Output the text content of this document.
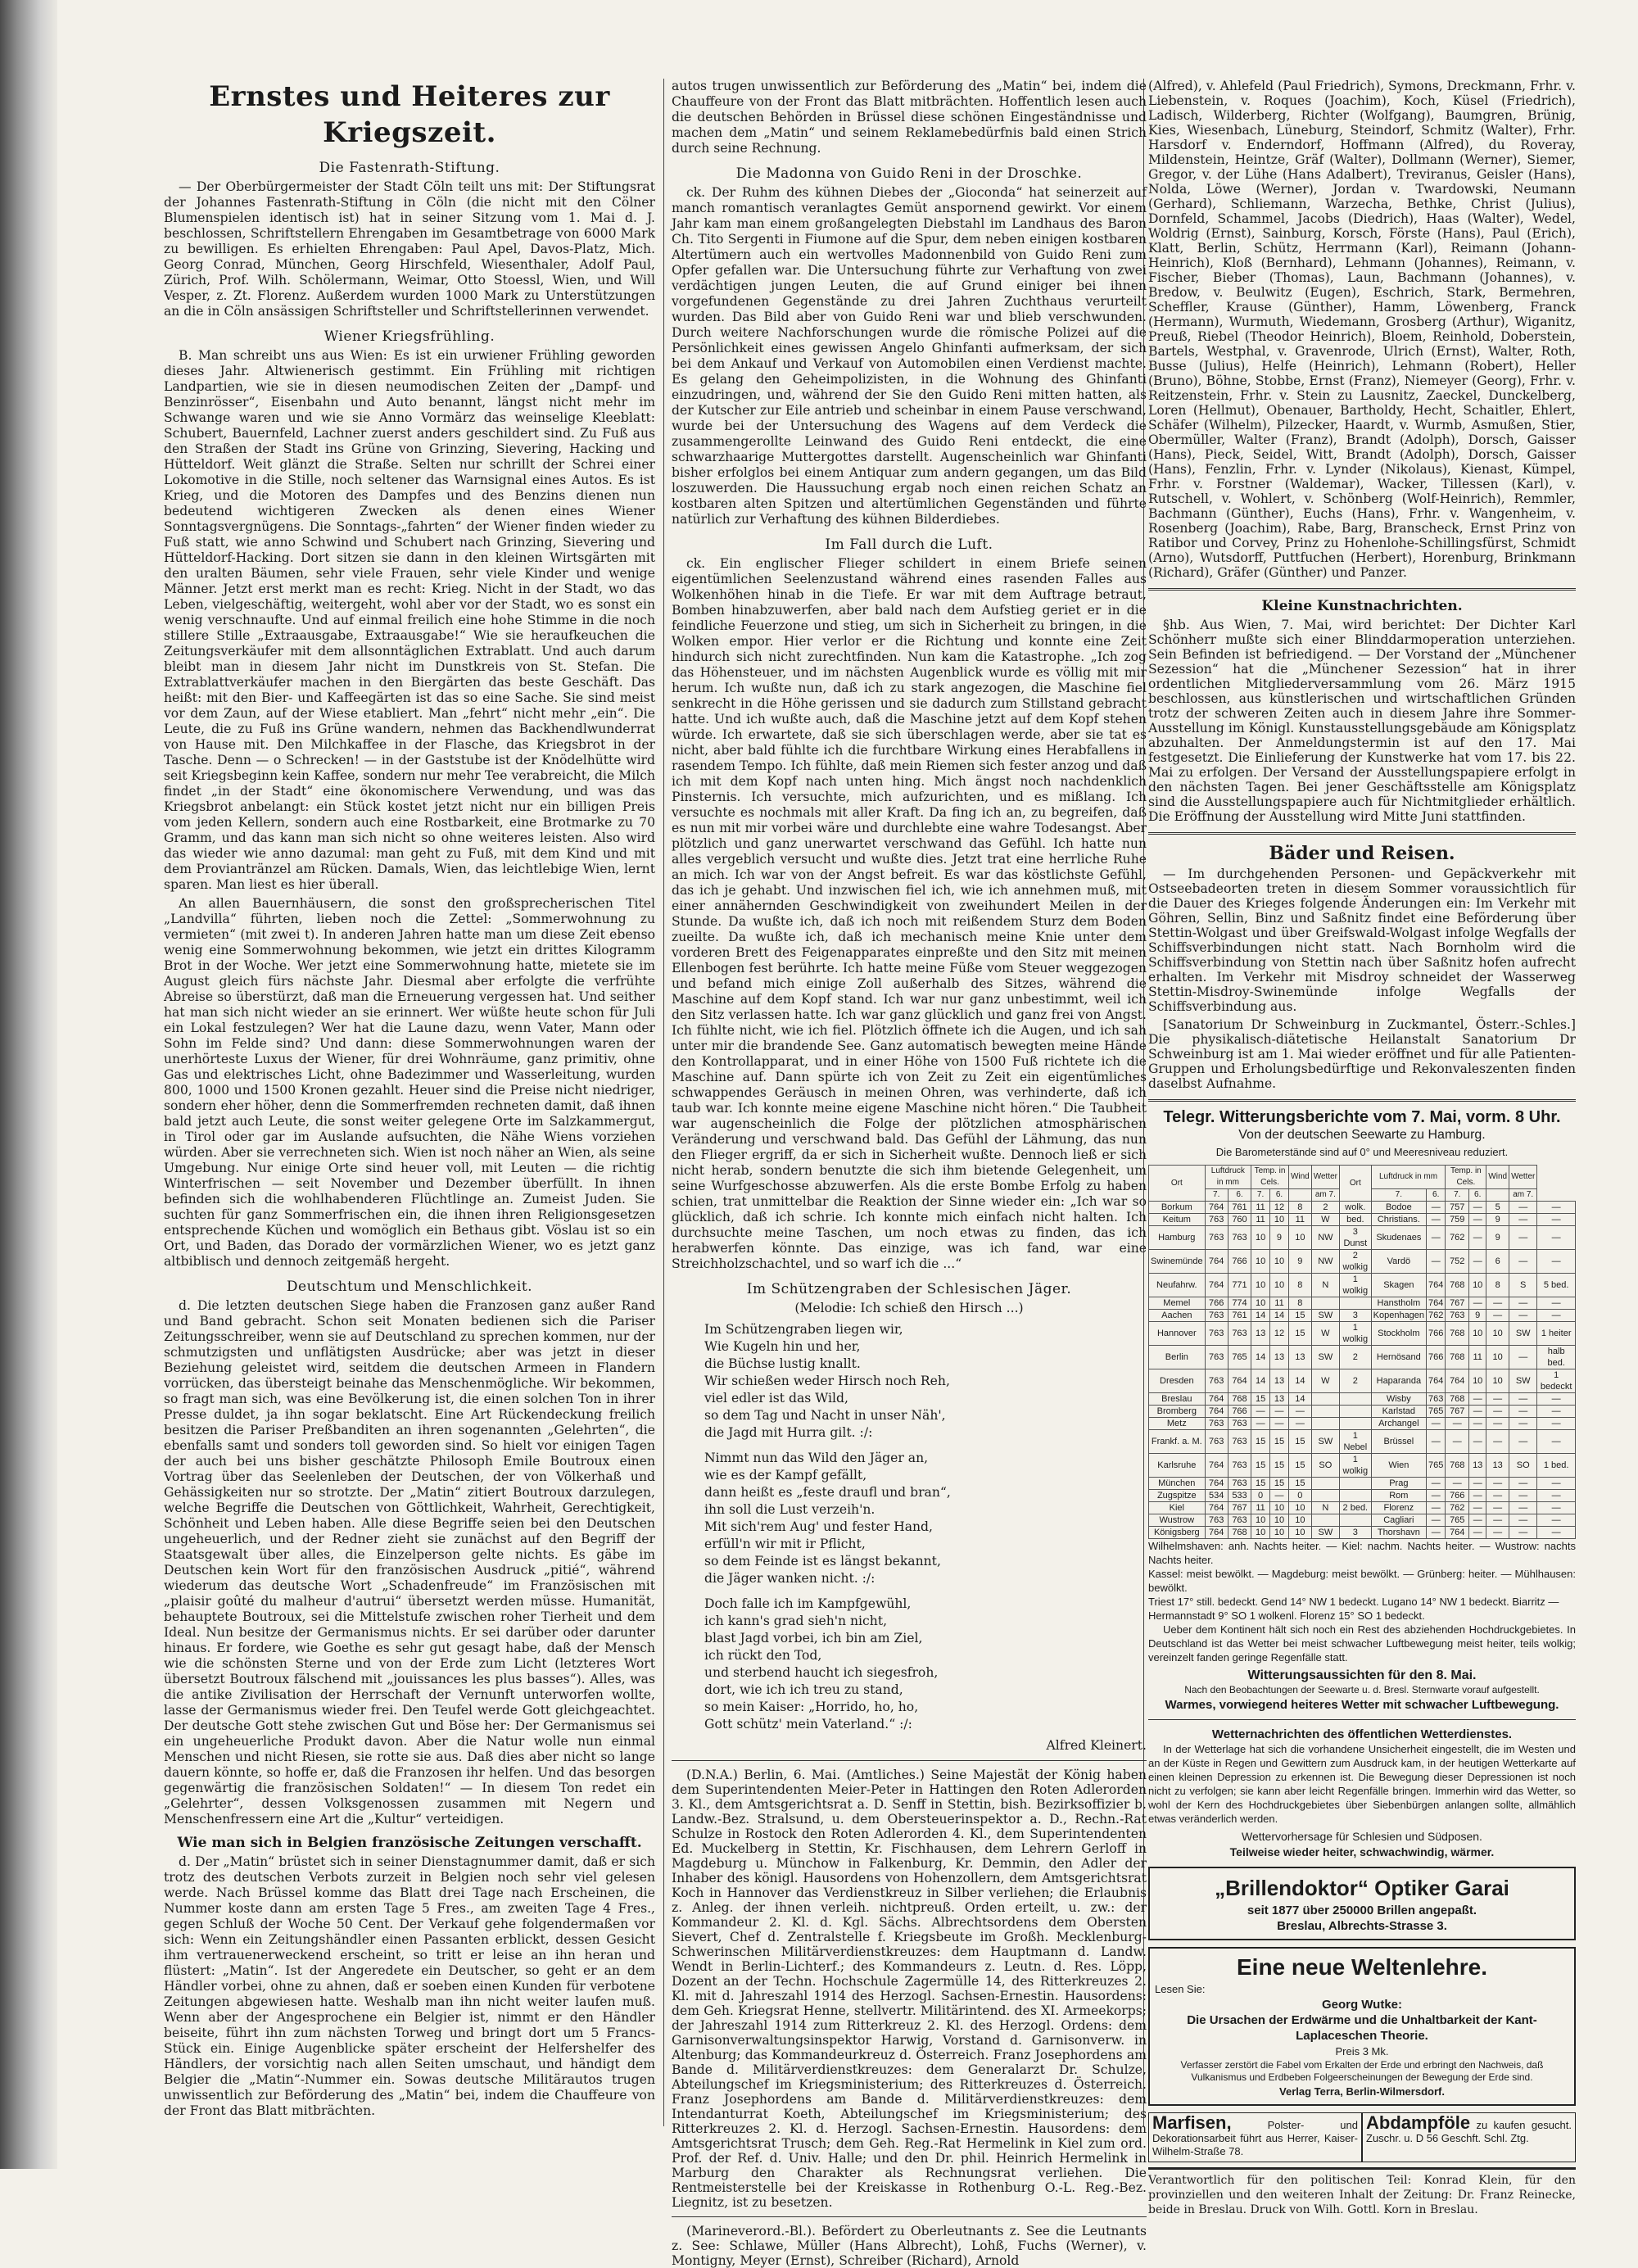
Ernstes und Heiteres zur Kriegszeit.
Die Fastenrath-Stiftung.

— Der Oberbürgermeister der Stadt Cöln teilt uns mit: Der Stiftungsrat der Johannes Fastenrath-Stiftung in Cöln (die nicht mit den Cölner Blumenspielen identisch ist) hat in seiner Sitzung vom 1. Mai d. J. beschlossen, Schriftstellern Ehrengaben im Gesamtbetrage von 6000 Mark zu bewilligen. Es erhielten Ehrengaben: Paul Apel, Davos-Platz, Mich. Georg Conrad, München, Georg Hirschfeld, Wiesenthaler, Adolf Paul, Zürich, Prof. Wilh. Schölermann, Weimar, Otto Stoessl, Wien, und Will Vesper, z. Zt. Florenz. Außerdem wurden 1000 Mark zu Unterstützungen an die in Cöln ansässigen Schriftsteller und Schriftstellerinnen verwendet.

Wiener Kriegsfrühling.

B. Man schreibt uns aus Wien: Es ist ein urwiener Frühling geworden dieses Jahr. Altwienerisch gestimmt. Ein Frühling mit richtigen Landpartien, wie sie in diesen neumodischen Zeiten der „Dampf- und Benzinrösser“, Eisenbahn und Auto benannt, längst nicht mehr im Schwange waren und wie sie Anno Vormärz das weinselige Kleeblatt: Schubert, Bauernfeld, Lachner zuerst anders geschildert sind. Zu Fuß aus den Straßen der Stadt ins Grüne von Grinzing, Sievering, Hacking und Hütteldorf. Weit glänzt die Straße. Selten nur schrillt der Schrei einer Lokomotive in die Stille, noch seltener das Warnsignal eines Autos. Es ist Krieg, und die Motoren des Dampfes und des Benzins dienen nun bedeutend wichtigeren Zwecken als denen eines Wiener Sonntagsvergnügens. Die Sonntags-„fahrten“ der Wiener finden wieder zu Fuß statt, wie anno Schwind und Schubert nach Grinzing, Sievering und Hütteldorf-Hacking. Dort sitzen sie dann in den kleinen Wirtsgärten mit den uralten Bäumen, sehr viele Frauen, sehr viele Kinder und wenige Männer. Jetzt erst merkt man es recht: Krieg. Nicht in der Stadt, wo das Leben, vielgeschäftig, weitergeht, wohl aber vor der Stadt, wo es sonst ein wenig verschnaufte. Und auf einmal freilich eine hohe Stimme in die noch stillere Stille „Extraausgabe, Extraausgabe!“ Wie sie heraufkeuchen die Zeitungsverkäufer mit dem allsonntäglichen Extrablatt. Und auch darum bleibt man in diesem Jahr nicht im Dunstkreis von St. Stefan. Die Extrablattverkäufer machen in den Biergärten das beste Geschäft. Das heißt: mit den Bier- und Kaffeegärten ist das so eine Sache. Sie sind meist vor dem Zaun, auf der Wiese etabliert. Man „fehrt“ nicht mehr „ein“. Die Leute, die zu Fuß ins Grüne wandern, nehmen das Backhendlwunderrat von Hause mit. Den Milchkaffee in der Flasche, das Kriegsbrot in der Tasche. Denn — o Schrecken! — in der Gaststube ist der Knödelhütte wird seit Kriegsbeginn kein Kaffee, sondern nur mehr Tee verabreicht, die Milch findet „in der Stadt“ eine ökonomischere Verwendung, und was das Kriegsbrot anbelangt: ein Stück kostet jetzt nicht nur ein billigen Preis vom jeden Kellern, sondern auch eine Rostbarkeit, eine Brotmarke zu 70 Gramm, und das kann man sich nicht so ohne weiteres leisten. Also wird das wieder wie anno dazumal: man geht zu Fuß, mit dem Kind und mit dem Proviantränzel am Rücken. Damals, Wien, das leichtlebige Wien, lernt sparen. Man liest es hier überall.

An allen Bauernhäusern, die sonst den großsprecherischen Titel „Landvilla“ führten, lieben noch die Zettel: „Sommerwohnung zu vermieten“ (mit zwei t). In anderen Jahren hatte man um diese Zeit ebenso wenig eine Sommerwohnung bekommen, wie jetzt ein drittes Kilogramm Brot in der Woche. Wer jetzt eine Sommerwohnung hatte, mietete sie im August gleich fürs nächste Jahr. Diesmal aber erfolgte die verfrühte Abreise so überstürzt, daß man die Erneuerung vergessen hat. Und seither hat man sich nicht wieder an sie erinnert. Wer wüßte heute schon für Juli ein Lokal festzulegen? Wer hat die Laune dazu, wenn Vater, Mann oder Sohn im Felde sind? Und dann: diese Sommerwohnungen waren der unerhörteste Luxus der Wiener, für drei Wohnräume, ganz primitiv, ohne Gas und elektrisches Licht, ohne Badezimmer und Wasserleitung, wurden 800, 1000 und 1500 Kronen gezahlt. Heuer sind die Preise nicht niedriger, sondern eher höher, denn die Sommerfremden rechneten damit, daß ihnen bald jetzt auch Leute, die sonst weiter gelegene Orte im Salzkammergut, in Tirol oder gar im Auslande aufsuchten, die Nähe Wiens vorziehen würden. Aber sie verrechneten sich. Wien ist noch näher an Wien, als seine Umgebung. Nur einige Orte sind heuer voll, mit Leuten — die richtig Winterfrischen — seit November und Dezember überfüllt. In ihnen befinden sich die wohlhabenderen Flüchtlinge an. Zumeist Juden. Sie suchten für ganz Sommerfrischen ein, die ihnen ihren Religionsgesetzen entsprechende Küchen und womöglich ein Bethaus gibt. Vöslau ist so ein Ort, und Baden, das Dorado der vormärzlichen Wiener, wo es jetzt ganz altbiblisch und dennoch zeitgemäß hergeht.

Deutschtum und Menschlichkeit.

d. Die letzten deutschen Siege haben die Franzosen ganz außer Rand und Band gebracht. Schon seit Monaten bedienen sich die Pariser Zeitungsschreiber, wenn sie auf Deutschland zu sprechen kommen, nur der schmutzigsten und unflätigsten Ausdrücke; aber was jetzt in dieser Beziehung geleistet wird, seitdem die deutschen Armeen in Flandern vorrücken, das übersteigt beinahe das Menschenmögliche. Wir bekommen, so fragt man sich, was eine Bevölkerung ist, die einen solchen Ton in ihrer Presse duldet, ja ihn sogar beklatscht. Eine Art Rückendeckung freilich besitzen die Pariser Preßbanditen an ihren sogenannten „Gelehrten“, die ebenfalls samt und sonders toll geworden sind. So hielt vor einigen Tagen der auch bei uns bisher geschätzte Philosoph Emile Boutroux einen Vortrag über das Seelenleben der Deutschen, der von Völkerhaß und Gehässigkeiten nur so strotzte. Der „Matin“ zitiert Boutroux darzulegen, welche Begriffe die Deutschen von Göttlichkeit, Wahrheit, Gerechtigkeit, Schönheit und Leben haben. Alle diese Begriffe seien bei den Deutschen ungeheuerlich, und der Redner zieht sie zunächst auf den Begriff der Staatsgewalt über alles, die Einzelperson gelte nichts. Es gäbe im Deutschen kein Wort für den französischen Ausdruck „pitié“, während wiederum das deutsche Wort „Schadenfreude“ im Französischen mit „plaisir goûté du malheur d'autrui“ übersetzt werden müsse. Humanität, behauptete Boutroux, sei die Mittelstufe zwischen roher Tierheit und dem Ideal. Nun besitze der Germanismus nichts. Er sei darüber oder darunter hinaus. Er fordere, wie Goethe es sehr gut gesagt habe, daß der Mensch wie die schönsten Sterne und von der Erde zum Licht (letzteres Wort übersetzt Boutroux fälschend mit „jouissances les plus basses“). Alles, was die antike Zivilisation der Herrschaft der Vernunft unterworfen wollte, lasse der Germanismus wieder frei. Den Teufel werde Gott gleichgeachtet. Der deutsche Gott stehe zwischen Gut und Böse her: Der Germanismus sei ein ungeheuerliche Produkt davon. Aber die Natur wolle nun einmal Menschen und nicht Riesen, sie rotte sie aus. Daß dies aber nicht so lange dauern könnte, so hoffe er, daß die Franzosen ihr helfen. Und das besorgen gegenwärtig die französischen Soldaten!“ — In diesem Ton redet ein „Gelehrter“, dessen Volksgenossen zusammen mit Negern und Menschenfressern eine Art die „Kultur“ verteidigen.

Wie man sich in Belgien französische Zeitungen verschafft.

d. Der „Matin“ brüstet sich in seiner Dienstagnummer damit, daß er sich trotz des deutschen Verbots zurzeit in Belgien noch sehr viel gelesen werde. Nach Brüssel komme das Blatt drei Tage nach Erscheinen, die Nummer koste dann am ersten Tage 5 Fres., am zweiten Tage 4 Fres., gegen Schluß der Woche 50 Cent. Der Verkauf gehe folgendermaßen vor sich: Wenn ein Zeitungshändler einen Passanten erblickt, dessen Gesicht ihm vertrauenerweckend erscheint, so tritt er leise an ihn heran und flüstert: „Matin“. Ist der Angeredete ein Deutscher, so geht er an dem Händler vorbei, ohne zu ahnen, daß er soeben einen Kunden für verbotene Zeitungen abgewiesen hatte. Weshalb man ihn nicht weiter laufen muß. Wenn aber der Angesprochene ein Belgier ist, nimmt er den Händler beiseite, führt ihn zum nächsten Torweg und bringt dort um 5 Francs-Stück ein. Einige Augenblicke später erscheint der Helfershelfer des Händlers, der vorsichtig nach allen Seiten umschaut, und händigt dem Belgier die „Matin“-Nummer ein. Sowas deutsche Militärautos trugen unwissentlich zur Beförderung des „Matin“ bei, indem die Chauffeure von der Front das Blatt mitbrächten.

autos trugen unwissentlich zur Beförderung des „Matin“ bei, indem die Chauffeure von der Front das Blatt mitbrächten. Hoffentlich lesen auch die deutschen Behörden in Brüssel diese schönen Eingeständnisse und machen dem „Matin“ und seinem Reklamebedürfnis bald einen Strich durch seine Rechnung.

Die Madonna von Guido Reni in der Droschke.

ck. Der Ruhm des kühnen Diebes der „Gioconda“ hat seinerzeit auf manch romantisch veranlagtes Gemüt anspornend gewirkt. Vor einem Jahr kam man einem großangelegten Diebstahl im Landhaus des Baron Ch. Tito Sergenti in Fiumone auf die Spur, dem neben einigen kostbaren Altertümern auch ein wertvolles Madonnenbild von Guido Reni zum Opfer gefallen war. Die Untersuchung führte zur Verhaftung von zwei verdächtigen jungen Leuten, die auf Grund einiger bei ihnen vorgefundenen Gegenstände zu drei Jahren Zuchthaus verurteilt wurden. Das Bild aber von Guido Reni war und blieb verschwunden. Durch weitere Nachforschungen wurde die römische Polizei auf die Persönlichkeit eines gewissen Angelo Ghinfanti aufmerksam, der sich bei dem Ankauf und Verkauf von Automobilen einen Verdienst machte. Es gelang den Geheimpolizisten, in die Wohnung des Ghinfanti einzudringen, und, während der Sie den Guido Reni mitten hatten, als der Kutscher zur Eile antrieb und scheinbar in einem Pause verschwand, wurde bei der Untersuchung des Wagens auf dem Verdeck die zusammengerollte Leinwand des Guido Reni entdeckt, die eine schwarzhaarige Muttergottes darstellt. Augenscheinlich war Ghinfanti bisher erfolglos bei einem Antiquar zum andern gegangen, um das Bild loszuwerden. Die Haussuchung ergab noch einen reichen Schatz an kostbaren alten Spitzen und altertümlichen Gegenständen und führte natürlich zur Verhaftung des kühnen Bilderdiebes.

Im Fall durch die Luft.

ck. Ein englischer Flieger schildert in einem Briefe seinen eigentümlichen Seelenzustand während eines rasenden Falles aus Wolkenhöhen hinab in die Tiefe. Er war mit dem Auftrage betraut, Bomben hinabzuwerfen, aber bald nach dem Aufstieg geriet er in die feindliche Feuerzone und stieg, um sich in Sicherheit zu bringen, in die Wolken empor. Hier verlor er die Richtung und konnte eine Zeit hindurch sich nicht zurechtfinden. Nun kam die Katastrophe. „Ich zog das Höhensteuer, und im nächsten Augenblick wurde es völlig mit mir herum. Ich wußte nun, daß ich zu stark angezogen, die Maschine fiel senkrecht in die Höhe gerissen und sie dadurch zum Stillstand gebracht hatte. Und ich wußte auch, daß die Maschine jetzt auf dem Kopf stehen würde. Ich erwartete, daß sie sich überschlagen werde, aber sie tat es nicht, aber bald fühlte ich die furchtbare Wirkung eines Herabfallens in rasendem Tempo. Ich fühlte, daß mein Riemen sich fester anzog und daß ich mit dem Kopf nach unten hing. Mich ängst noch nachdenklich Pinsternis. Ich versuchte, mich aufzurichten, und es mißlang. Ich versuchte es nochmals mit aller Kraft. Da fing ich an, zu begreifen, daß es nun mit mir vorbei wäre und durchlebte eine wahre Todesangst. Aber plötzlich und ganz unerwartet verschwand das Gefühl. Ich hatte nun alles vergeblich versucht und wußte dies. Jetzt trat eine herrliche Ruhe an mich. Ich war von der Angst befreit. Es war das köstlichste Gefühl, das ich je gehabt. Und inzwischen fiel ich, wie ich annehmen muß, mit einer annähernden Geschwindigkeit von zweihundert Meilen in der Stunde. Da wußte ich, daß ich noch mit reißendem Sturz dem Boden zueilte. Da wußte ich, daß ich mechanisch meine Knie unter dem vorderen Brett des Feigenapparates einpreßte und den Sitz mit meinen Ellenbogen fest berührte. Ich hatte meine Füße vom Steuer weggezogen und befand mich einige Zoll außerhalb des Sitzes, während die Maschine auf dem Kopf stand. Ich war nur ganz unbestimmt, weil ich den Sitz verlassen hatte. Ich war ganz glücklich und ganz frei von Angst. Ich fühlte nicht, wie ich fiel. Plötzlich öffnete ich die Augen, und ich sah unter mir die brandende See. Ganz automatisch bewegten meine Hände den Kontrollapparat, und in einer Höhe von 1500 Fuß richtete ich die Maschine auf. Dann spürte ich von Zeit zu Zeit ein eigentümliches schwappendes Geräusch in meinen Ohren, was verhinderte, daß ich taub war. Ich konnte meine eigene Maschine nicht hören.“ Die Taubheit war augenscheinlich die Folge der plötzlichen atmosphärischen Veränderung und verschwand bald. Das Gefühl der Lähmung, das nun den Flieger ergriff, da er sich in Sicherheit wußte. Dennoch ließ er sich nicht herab, sondern benutzte die sich ihm bietende Gelegenheit, um seine Wurfgeschosse abzuwerfen. Als die erste Bombe Erfolg zu haben schien, trat unmittelbar die Reaktion der Sinne wieder ein: „Ich war so glücklich, daß ich schrie. Ich konnte mich einfach nicht halten. Ich durchsuchte meine Taschen, um noch etwas zu finden, das ich herabwerfen könnte. Das einzige, was ich fand, war eine Streichholzschachtel, und so warf ich die ...“

Im Schützengraben der Schlesischen Jäger.
(Melodie: Ich schieß den Hirsch ...)
Im Schützengraben liegen wir,
Wie Kugeln hin und her,
die Büchse lustig knallt.
Wir schießen weder Hirsch noch Reh,
viel edler ist das Wild,
so dem Tag und Nacht in unser Näh',
die Jagd mit Hurra gilt. :/:
Nimmt nun das Wild den Jäger an,
wie es der Kampf gefällt,
dann heißt es „feste draufl und bran“,
ihn soll die Lust verzeih'n.
Mit sich'rem Aug' und fester Hand,
erfüll'n wir mit ir Pflicht,
so dem Feinde ist es längst bekannt,
die Jäger wanken nicht. :/:
Doch falle ich im Kampfgewühl,
ich kann's grad sieh'n nicht,
blast Jagd vorbei, ich bin am Ziel,
ich rückt den Tod,
und sterbend haucht ich siegesfroh,
dort, wie ich ich treu zu stand,
so mein Kaiser: „Horrido, ho, ho,
Gott schütz' mein Vaterland.“ :/:
Alfred Kleinert.

(D.N.A.) Berlin, 6. Mai. (Amtliches.) Seine Majestät der König haben dem Superintendenten Meier-Peter in Hattingen den Roten Adlerorden 3. Kl., dem Amtsgerichtsrat a. D. Senff in Stettin, bish. Bezirksoffizier b. Landw.-Bez. Stralsund, u. dem Obersteuerinspektor a. D., Rechn.-Rat Schulze in Rostock den Roten Adlerorden 4. Kl., dem Superintendenten Ed. Muckelberg in Stettin, Kr. Fischhausen, dem Lehrern Gerloff in Magdeburg u. Münchow in Falkenburg, Kr. Demmin, den Adler der Inhaber des königl. Hausordens von Hohenzollern, dem Amtsgerichtsrat Koch in Hannover das Verdienstkreuz in Silber verliehen; die Erlaubnis z. Anleg. der ihnen verleih. nichtpreuß. Orden erteilt, u. zw.: der Kommandeur 2. Kl. d. Kgl. Sächs. Albrechtsordens dem Obersten Sievert, Chef d. Zentralstelle f. Kriegsbeute im Großh. Mecklenburg-Schwerinschen Militärverdienstkreuzes: dem Hauptmann d. Landw. Wendt in Berlin-Lichterf.; des Kommandeurs z. Leutn. d. Res. Löpp, Dozent an der Techn. Hochschule Zagermülle 14, des Ritterkreuzes 2. Kl. mit d. Jahreszahl 1914 des Herzogl. Sachsen-Ernestin. Hausordens: dem Geh. Kriegsrat Henne, stellvertr. Militärintend. des XI. Armeekorps; der Jahreszahl 1914 zum Ritterkreuz 2. Kl. des Herzogl. Ordens: dem Garnisonverwaltungsinspektor Harwig, Vorstand d. Garnisonverw. in Altenburg; das Kommandeurkreuz d. Österreich. Franz Josephordens am Bande d. Militärverdienstkreuzes: dem Generalarzt Dr. Schulze, Abteilungschef im Kriegsministerium; des Ritterkreuzes d. Österreich. Franz Josephordens am Bande d. Militärverdienstkreuzes: dem Intendanturrat Koeth, Abteilungschef im Kriegsministerium; des Ritterkreuzes 2. Kl. d. Herzogl. Sachsen-Ernestin. Hausordens: dem Amtsgerichtsrat Trusch; dem Geh. Reg.-Rat Hermelink in Kiel zum ord. Prof. der Ref. d. Univ. Halle; und den Dr. phil. Heinrich Hermelink in Marburg den Charakter als Rechnungsrat verliehen. Die Rentmeisterstelle bei der Kreiskasse in Rothenburg O.-L. Reg.-Bez. Liegnitz, ist zu besetzen.

(Marineverord.-Bl.). Befördert zu Oberleutnants z. See die Leutnants z. See: Schlawe, Müller (Hans Albrecht), Lohß, Fuchs (Werner), v. Montigny, Meyer (Ernst), Schreiber (Richard), Arnold

(Alfred), v. Ahlefeld (Paul Friedrich), Symons, Dreckmann, Frhr. v. Liebenstein, v. Roques (Joachim), Koch, Küsel (Friedrich), Ladisch, Wilderberg, Richter (Wolfgang), Baumgren, Brünig, Kies, Wiesenbach, Lüneburg, Steindorf, Schmitz (Walter), Frhr. Harsdorf v. Enderndorf, Hoffmann (Alfred), du Roveray, Mildenstein, Heintze, Gräf (Walter), Dollmann (Werner), Siemer, Gregor, v. der Lühe (Hans Adalbert), Treviranus, Geisler (Hans), Nolda, Löwe (Werner), Jordan v. Twardowski, Neumann (Gerhard), Schliemann, Warzecha, Bethke, Christ (Julius), Dornfeld, Schammel, Jacobs (Diedrich), Haas (Walter), Wedel, Woldrig (Ernst), Sainburg, Korsch, Förste (Hans), Paul (Erich), Klatt, Berlin, Schütz, Herrmann (Karl), Reimann (Johann-Heinrich), Kloß (Bernhard), Lehmann (Johannes), Reimann, v. Fischer, Bieber (Thomas), Laun, Bachmann (Johannes), v. Bredow, v. Beulwitz (Eugen), Eschrich, Stark, Bermehren, Scheffler, Krause (Günther), Hamm, Löwenberg, Franck (Hermann), Wurmuth, Wiedemann, Grosberg (Arthur), Wiganitz, Preuß, Riebel (Theodor Heinrich), Bloem, Reinhold, Doberstein, Bartels, Westphal, v. Gravenrode, Ulrich (Ernst), Walter, Roth, Busse (Julius), Helfe (Heinrich), Lehmann (Robert), Heller (Bruno), Böhne, Stobbe, Ernst (Franz), Niemeyer (Georg), Frhr. v. Reitzenstein, Frhr. v. Stein zu Lausnitz, Zaeckel, Dunckelberg, Loren (Hellmut), Obenauer, Bartholdy, Hecht, Schaitler, Ehlert, Schäfer (Wilhelm), Pilzecker, Haardt, v. Wurmb, Asmußen, Stier, Obermüller, Walter (Franz), Brandt (Adolph), Dorsch, Gaisser (Hans), Pieck, Seidel, Witt, Brandt (Adolph), Dorsch, Gaisser (Hans), Fenzlin, Frhr. v. Lynder (Nikolaus), Kienast, Kümpel, Frhr. v. Forstner (Waldemar), Wacker, Tillessen (Karl), v. Rutschell, v. Wohlert, v. Schönberg (Wolf-Heinrich), Remmler, Bachmann (Günther), Euchs (Hans), Frhr. v. Wangenheim, v. Rosenberg (Joachim), Rabe, Barg, Branscheck, Ernst Prinz von Ratibor und Corvey, Prinz zu Hohenlohe-Schillingsfürst, Schmidt (Arno), Wutsdorff, Puttfuchen (Herbert), Horenburg, Brinkmann (Richard), Gräfer (Günther) und Panzer.

Kleine Kunstnachrichten.

§hb. Aus Wien, 7. Mai, wird berichtet: Der Dichter Karl Schönherr mußte sich einer Blinddarmoperation unterziehen. Sein Befinden ist befriedigend. — Der Vorstand der „Münchener Sezession“ hat die „Münchener Sezession“ hat in ihrer ordentlichen Mitgliederversammlung vom 26. März 1915 beschlossen, aus künstlerischen und wirtschaftlichen Gründen trotz der schweren Zeiten auch in diesem Jahre ihre Sommer-Ausstellung im Königl. Kunstausstellungsgebäude am Königsplatz abzuhalten. Der Anmeldungstermin ist auf den 17. Mai festgesetzt. Die Einlieferung der Kunstwerke hat vom 17. bis 22. Mai zu erfolgen. Der Versand der Ausstellungspapiere erfolgt in den nächsten Tagen. Bei jener Geschäftsstelle am Königsplatz sind die Ausstellungspapiere auch für Nichtmitglieder erhältlich. Die Eröffnung der Ausstellung wird Mitte Juni stattfinden.

Bäder und Reisen.

— Im durchgehenden Personen- und Gepäckverkehr mit Ostseebadeorten treten in diesem Sommer voraussichtlich für die Dauer des Krieges folgende Änderungen ein: Im Verkehr mit Göhren, Sellin, Binz und Saßnitz findet eine Beförderung über Stettin-Wolgast und über Greifswald-Wolgast infolge Wegfalls der Schiffsverbindungen nicht statt. Nach Bornholm wird die Schiffsverbindung von Stettin nach über Saßnitz hofen aufrecht erhalten. Im Verkehr mit Misdroy schneidet der Wasserweg Stettin-Misdroy-Swinemünde infolge Wegfalls der Schiffsverbindung aus.

[Sanatorium Dr Schweinburg in Zuckmantel, Österr.-Schles.] Die physikalisch-diätetische Heilanstalt Sanatorium Dr Schweinburg ist am 1. Mai wieder eröffnet und für alle Patienten-Gruppen und Erholungsbedürftige und Rekonvaleszenten finden daselbst Aufnahme.

Telegr. Witterungsberichte vom 7. Mai, vorm. 8 Uhr.
Von der deutschen Seewarte zu Hamburg.
Die Barometerstände sind auf 0° und Meeresniveau reduziert.
Ort	Luftdruck in mm		Temp. in Cels.		Wind	Wetter	Ort	Luftdruck in mm		Temp. in Cels.		Wind	Wetter	
	7.	6.	7.	6.		am 7.		7.	6.	7.	6.		am 7.	
Borkum	764	761	11	12	8	2	wolk.	Bodoe	—	757	—	5	—	—
Keitum	763	760	11	10	11	W	bed.	Christians.	—	759	—	9	—	—
Hamburg	763	763	10	9	10	NW	3 Dunst	Skudenaes	—	762	—	9	—	—
Swinemünde	764	766	10	10	9	NW	2 wolkig	Vardö	—	752	—	6	—	—
Neufahrw.	764	771	10	10	8	N	1 wolkig	Skagen	764	768	10	8	S	5 bed.
Memel	766	774	10	11	8			Hanstholm	764	767	—	—	—	—
Aachen	763	761	14	14	15	SW	3	Kopenhagen	762	763	9	—	—	—
Hannover	763	763	13	12	15	W	1 wolkig	Stockholm	766	768	10	10	SW	1 heiter
Berlin	763	765	14	13	13	SW	2	Hernösand	766	768	11	10	—	halb bed.
Dresden	763	764	14	13	14	W	2	Haparanda	764	764	10	10	SW	1 bedeckt
Breslau	764	768	15	13	14			Wisby	763	768	—	—	—	—
Bromberg	764	766	—	—	—			Karlstad	765	767	—	—	—	—
Metz	763	763	—	—	—			Archangel	—	—	—	—	—	—
Frankf. a. M.	763	763	15	15	15	SW	1 Nebel	Brüssel	—	—	—	—	—	—
Karlsruhe	764	763	15	15	15	SO	1 wolkig	Wien	765	768	13	13	SO	1 bed.
München	764	763	15	15	15			Prag	—	—	—	—	—	—
Zugspitze	534	533	0	—	0			Rom	—	766	—	—	—	—
Kiel	764	767	11	10	10	N	2 bed.	Florenz	—	762	—	—	—	—
Wustrow	763	763	10	10	10			Cagliari	—	765	—	—	—	—
Königsberg	764	768	10	10	10	SW	3	Thorshavn	—	764	—	—	—	—
Wilhelmshaven: anh. Nachts heiter. — Kiel: nachm. Nachts heiter. — Wustrow: nachts Nachts heiter.
Kassel: meist bewölkt. — Magdeburg: meist bewölkt. — Grünberg: heiter. — Mühlhausen: bewölkt.
Triest 17° still. bedeckt. Gend 14° NW 1 bedeckt. Lugano 14° NW 1 bedeckt. Biarritz —
Hermannstadt 9° SO 1 wolkenl. Florenz 15° SO 1 bedeckt.

Ueber dem Kontinent hält sich noch ein Rest des abziehenden Hochdruckgebietes. In Deutschland ist das Wetter bei meist schwacher Luftbewegung meist heiter, teils wolkig; vereinzelt fanden geringe Regenfälle statt.

Witterungsaussichten für den 8. Mai.
Nach den Beobachtungen der Seewarte u. d. Bresl. Sternwarte vorauf aufgestellt.
Warmes, vorwiegend heiteres Wetter mit schwacher Luftbewegung.
Wetternachrichten des öffentlichen Wetterdienstes.

In der Wetterlage hat sich die vorhandene Unsicherheit eingestellt, die im Westen und an der Küste in Regen und Gewittern zum Ausdruck kam, in der heutigen Wetterkarte auf einen kleinen Depression zu erkennen ist. Die Bewegung dieser Depressionen ist noch nicht zu verfolgen; sie kann aber leicht Regenfälle bringen. Immerhin wird das Wetter, so wohl der Kern des Hochdruckgebietes über Siebenbürgen anlangen sollte, allmählich etwas veränderlich werden.

Wettervorhersage für Schlesien und Südposen.
Teilweise wieder heiter, schwachwindig, wärmer.
„Brillendoktor“ Optiker Garai
seit 1877 über 250000 Brillen angepaßt.
Breslau, Albrechts-Strasse 3.
Eine neue Weltenlehre.
Lesen Sie:
Georg Wutke:
Die Ursachen der Erdwärme und die Unhaltbarkeit der Kant-Laplaceschen Theorie.
Preis 3 Mk.
Verfasser zerstört die Fabel vom Erkalten der Erde und erbringt den Nachweis, daß Vulkanismus und Erdbeben Folgeerscheinungen der Bewegung der Erde sind.
Verlag Terra, Berlin-Wilmersdorf.
Marfisen,	Polster- und Dekorationsarbeit führt aus Herrer, Kaiser-Wilhelm-Straße 78.
Abdampföle zu kaufen gesucht. Zuschr. u. D 56 Geschft. Schl. Ztg.
Verantwortlich für den politischen Teil: Konrad Klein, für den provinziellen und den weiteren Inhalt der Zeitung: Dr. Franz Reinecke, beide in Breslau. Druck von Wilh. Gottl. Korn in Breslau.
